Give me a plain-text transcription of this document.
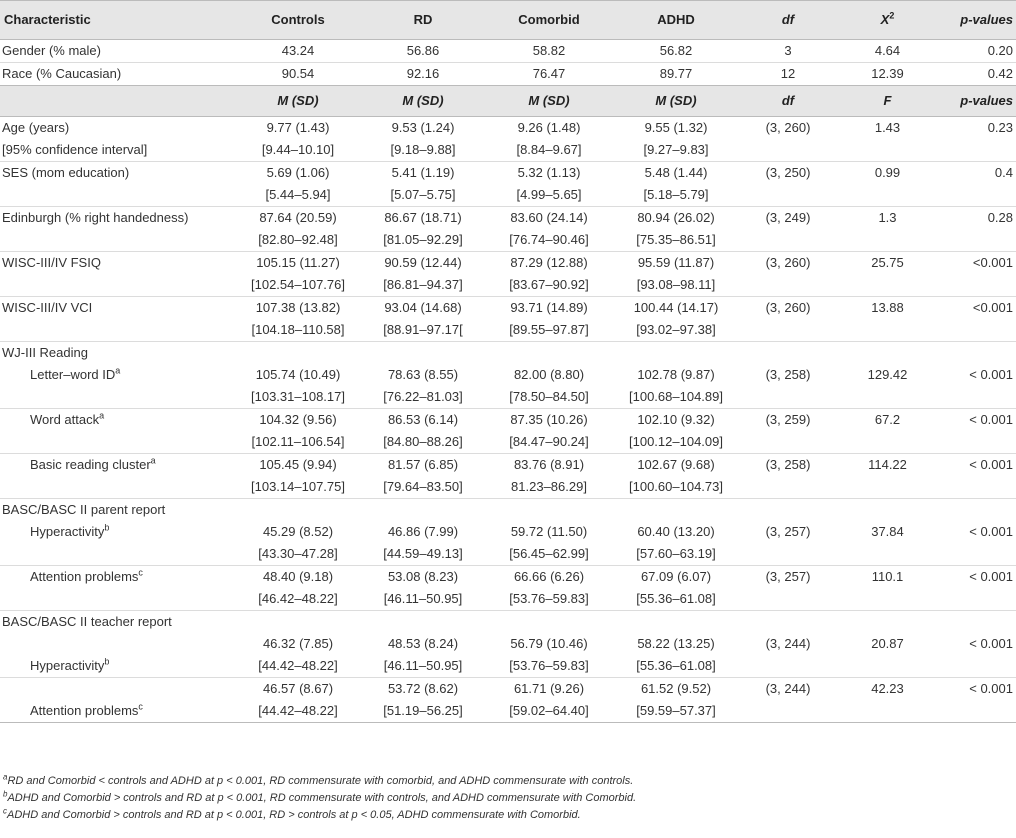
Characteristic	Controls	RD	Comorbid	ADHD	df	$X^2$	p-values
Gender (% male)	43.24	56.86	58.82	56.82	3	4.64	0.20
Race (% Caucasian)	90.54	92.16	76.47	89.77	12	12.39	0.42
	M (SD)	M (SD)	M (SD)	M (SD)	df	F	p-values
Age (years)	9.77 (1.43)	9.53 (1.24)	9.26 (1.48)	9.55 (1.32)	(3, 260)	1.43	0.23
[95% confidence interval]	[9.44–10.10]	[9.18–9.88]	[8.84–9.67]	[9.27–9.83]			
SES (mom education)	5.69 (1.06)	5.41 (1.19)	5.32 (1.13)	5.48 (1.44)	(3, 250)	0.99	0.4
	[5.44–5.94]	[5.07–5.75]	[4.99–5.65]	[5.18–5.79]			
Edinburgh (% right handedness)	87.64 (20.59)	86.67 (18.71)	83.60 (24.14)	80.94 (26.02)	(3, 249)	1.3	0.28
	[82.80–92.48]	[81.05–92.29]	[76.74–90.46]	[75.35–86.51]			
WISC-III/IV FSIQ	105.15 (11.27)	90.59 (12.44)	87.29 (12.88)	95.59 (11.87)	(3, 260)	25.75	<0.001
	[102.54–107.76]	[86.81–94.37]	[83.67–90.92]	[93.08–98.11]			
WISC-III/IV VCI	107.38 (13.82)	93.04 (14.68)	93.71 (14.89)	100.44 (14.17)	(3, 260)	13.88	<0.001
	[104.18–110.58]	[88.91–97.17[	[89.55–97.87]	[93.02–97.38]			
WJ-III Reading							
Letter–word $ID^a$	105.74 (10.49)	78.63 (8.55)	82.00 (8.80)	102.78 (9.87)	(3, 258)	129.42	< 0.001
	[103.31–108.17]	[76.22–81.03]	[78.50–84.50]	[100.68–104.89]			
Word attack$^a$	104.32 (9.56)	86.53 (6.14)	87.35 (10.26)	102.10 (9.32)	(3, 259)	67.2	< 0.001
	[102.11–106.54]	[84.80–88.26]	[84.47–90.24]	[100.12–104.09]			
Basic reading cluster$^a$	105.45 (9.94)	81.57 (6.85)	83.76 (8.91)	102.67 (9.68)	(3, 258)	114.22	< 0.001
	[103.14–107.75]	[79.64–83.50]	81.23–86.29]	[100.60–104.73]			
BASC/BASC II parent report							
Hyperactivity$^b$	45.29 (8.52)	46.86 (7.99)	59.72 (11.50)	60.40 (13.20)	(3, 257)	37.84	< 0.001
	[43.30–47.28]	[44.59–49.13]	[56.45–62.99]	[57.60–63.19]			
Attention problems$^c$	48.40 (9.18)	53.08 (8.23)	66.66 (6.26)	67.09 (6.07)	(3, 257)	110.1	< 0.001
	[46.42–48.22]	[46.11–50.95]	[53.76–59.83]	[55.36–61.08]			
BASC/BASC II teacher report							
	46.32 (7.85)	48.53 (8.24)	56.79 (10.46)	58.22 (13.25)	(3, 244)	20.87	< 0.001
Hyperactivity$^b$	[44.42–48.22]	[46.11–50.95]	[53.76–59.83]	[55.36–61.08]			
	46.57 (8.67)	53.72 (8.62)	61.71 (9.26)	61.52 (9.52)	(3, 244)	42.23	< 0.001
Attention problems$^c$	[44.42–48.22]	[51.19–56.25]	[59.02–64.40]	[59.59–57.37]			
$^a$RD and Comorbid < controls and ADHD at p < 0.001, RD commensurate with comorbid, and ADHD commensurate with controls.
$^b$ADHD and Comorbid > controls and RD at p < 0.001, RD commensurate with controls, and ADHD commensurate with Comorbid.
$^c$ADHD and Comorbid > controls and RD at p < 0.001, RD > controls at p < 0.05, ADHD commensurate with Comorbid.
